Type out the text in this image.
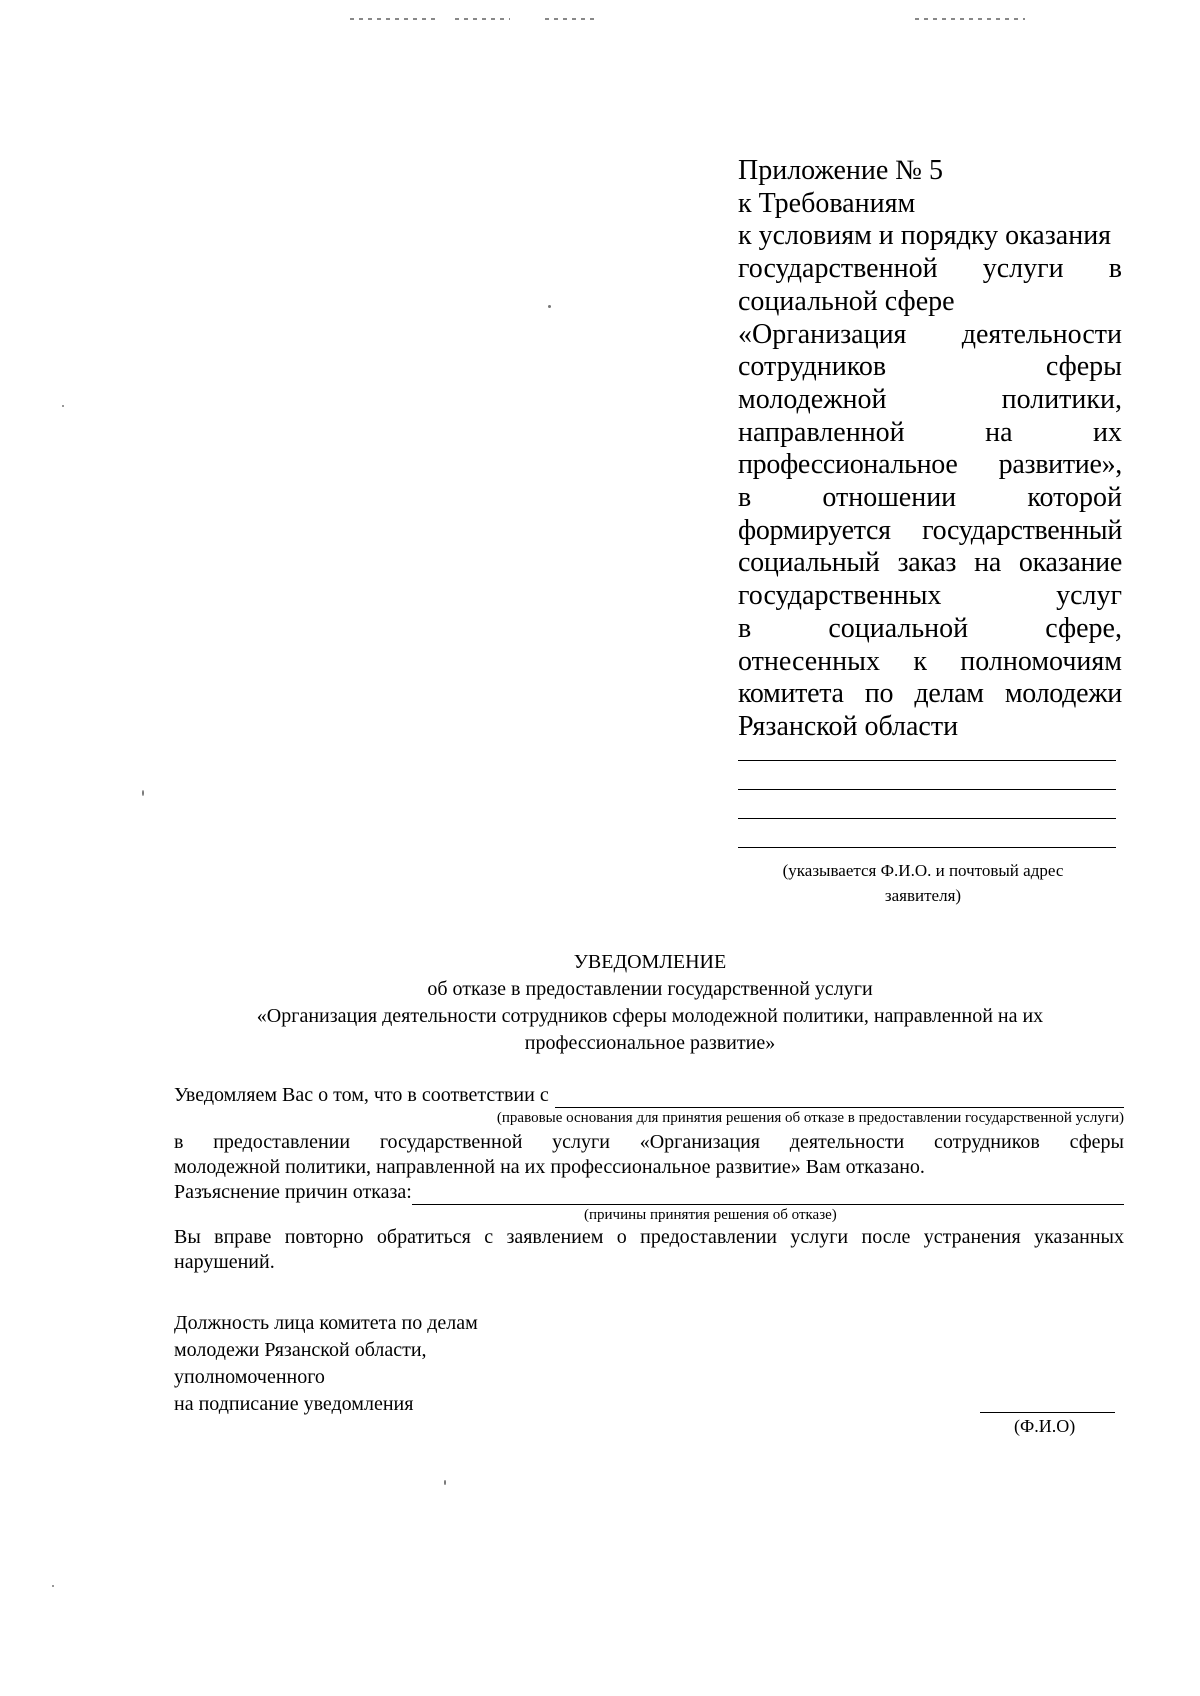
Приложение № 5
к Требованиям
к условиям и порядку оказания
государственной услуги в
социальной сфере
«Организация деятельности
сотрудников сферы
молодежной политики,
направленной на их
профессиональное развитие»,
в отношении которой
формируется государственный
социальный заказ на оказание
государственных услуг
в социальной сфере,
отнесенных к полномочиям
комитета по делам молодежи
Рязанской области
(указывается Ф.И.О. и почтовый адрес
заявителя)
УВЕДОМЛЕНИЕ
об отказе в предоставлении государственной услуги
«Организация деятельности сотрудников сферы молодежной политики, направленной на их
профессиональное развитие»
Уведомляем Вас о том, что в соответствии с
(правовые основания для принятия решения об отказе в предоставлении государственной услуги)
в предоставлении государственной услуги «Организация деятельности сотрудников сферы
молодежной политики, направленной на их профессиональное развитие» Вам отказано.
Разъяснение причин отказа:
(причины принятия решения об отказе)
Вы вправе повторно обратиться с заявлением о предоставлении услуги после устранения указанных
нарушений.
Должность лица комитета по делам
молодежи Рязанской области,
уполномоченного
на подписание уведомления
(Ф.И.О)
